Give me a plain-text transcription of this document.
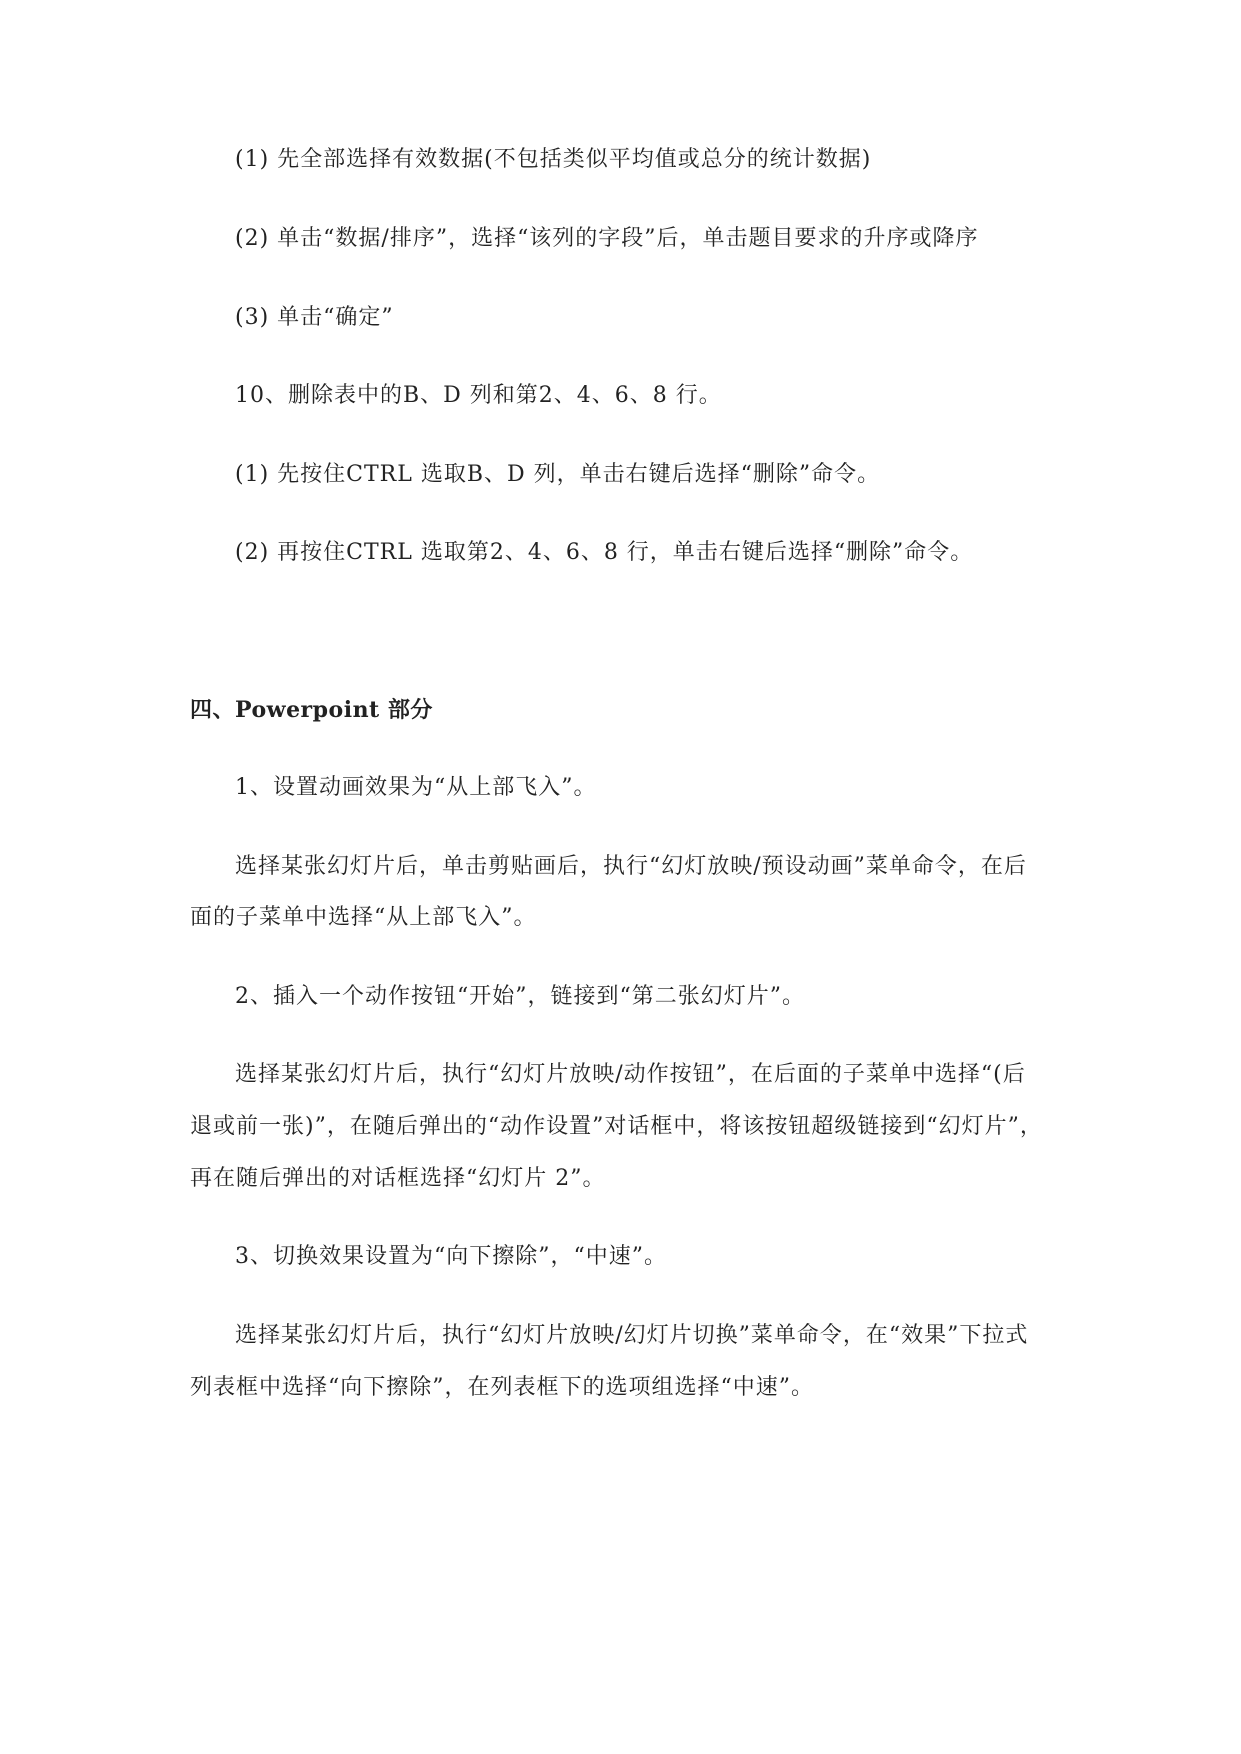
(1) 先全部选择有效数据(不包括类似平均值或总分的统计数据)
(2) 单击“数据/排序”，选择“该列的字段”后，单击题目要求的升序或降序
(3) 单击“确定”
10、删除表中的B、D 列和第2、4、6、8 行。
(1) 先按住CTRL 选取B、D 列，单击右键后选择“删除”命令。
(2) 再按住CTRL 选取第2、4、6、8 行，单击右键后选择“删除”命令。
四、Powerpoint 部分
1、设置动画效果为“从上部飞入”。
选择某张幻灯片后，单击剪贴画后，执行“幻灯放映/预设动画”菜单命令，在后
面的子菜单中选择“从上部飞入”。
2、插入一个动作按钮“开始”，链接到“第二张幻灯片”。
选择某张幻灯片后，执行“幻灯片放映/动作按钮”，在后面的子菜单中选择“(后
退或前一张)”，在随后弹出的“动作设置”对话框中，将该按钮超级链接到“幻灯片”，
再在随后弹出的对话框选择“幻灯片 2”。
3、切换效果设置为“向下擦除”，“中速”。
选择某张幻灯片后，执行“幻灯片放映/幻灯片切换”菜单命令，在“效果”下拉式
列表框中选择“向下擦除”，在列表框下的选项组选择“中速”。
